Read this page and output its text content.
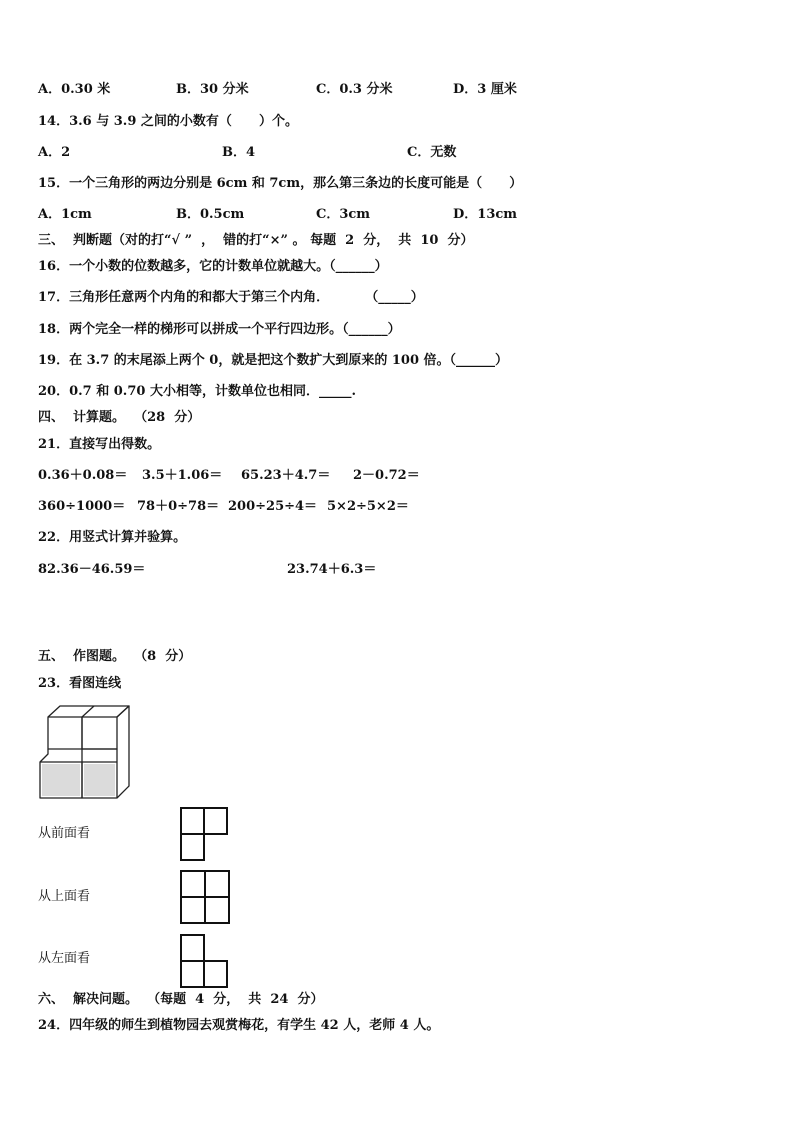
A．0.30 米	B．30 分米	C．0.3 分米	D．3 厘米
14．3.6 与 3.9 之间的小数有（      ）个。
A．2	B．4	C．无数
15．一个三角形的两边分别是 6cm 和 7cm，那么第三条边的长度可能是（      ）
A．1cm	B．0.5cm	C．3cm	D．13cm
三、  判断题（对的打“√ ”  ，  错的打“×” 。 每题  2  分，  共  10  分）
16．一个小数的位数越多，它的计数单位就越大。（______）
17．三角形任意两个内角的和都大于第三个内角．        （_____）
18．两个完全一样的梯形可以拼成一个平行四边形。（______）
19．在 3.7 的末尾添上两个 0，就是把这个数扩大到原来的 100 倍。（______）
20．0.7 和 0.70 大小相等，计数单位也相同．_____.
四、  计算题。  （28  分）
21．直接写出得数。
0.36＋0.08＝ 3.5＋1.06＝ 65.23＋4.7＝ 2－0.72＝
360÷1000＝ 78＋0÷78＝ 200÷25÷4＝ 5×2÷5×2＝
22．用竖式计算并验算。
82.36－46.59＝	23.74＋6.3＝
五、  作图题。  （8  分）
23．看图连线
从前面看
从上面看
从左面看
六、  解决问题。  （每题  4  分，  共  24  分）
24．四年级的师生到植物园去观赏梅花，有学生 42 人，老师 4 人。
